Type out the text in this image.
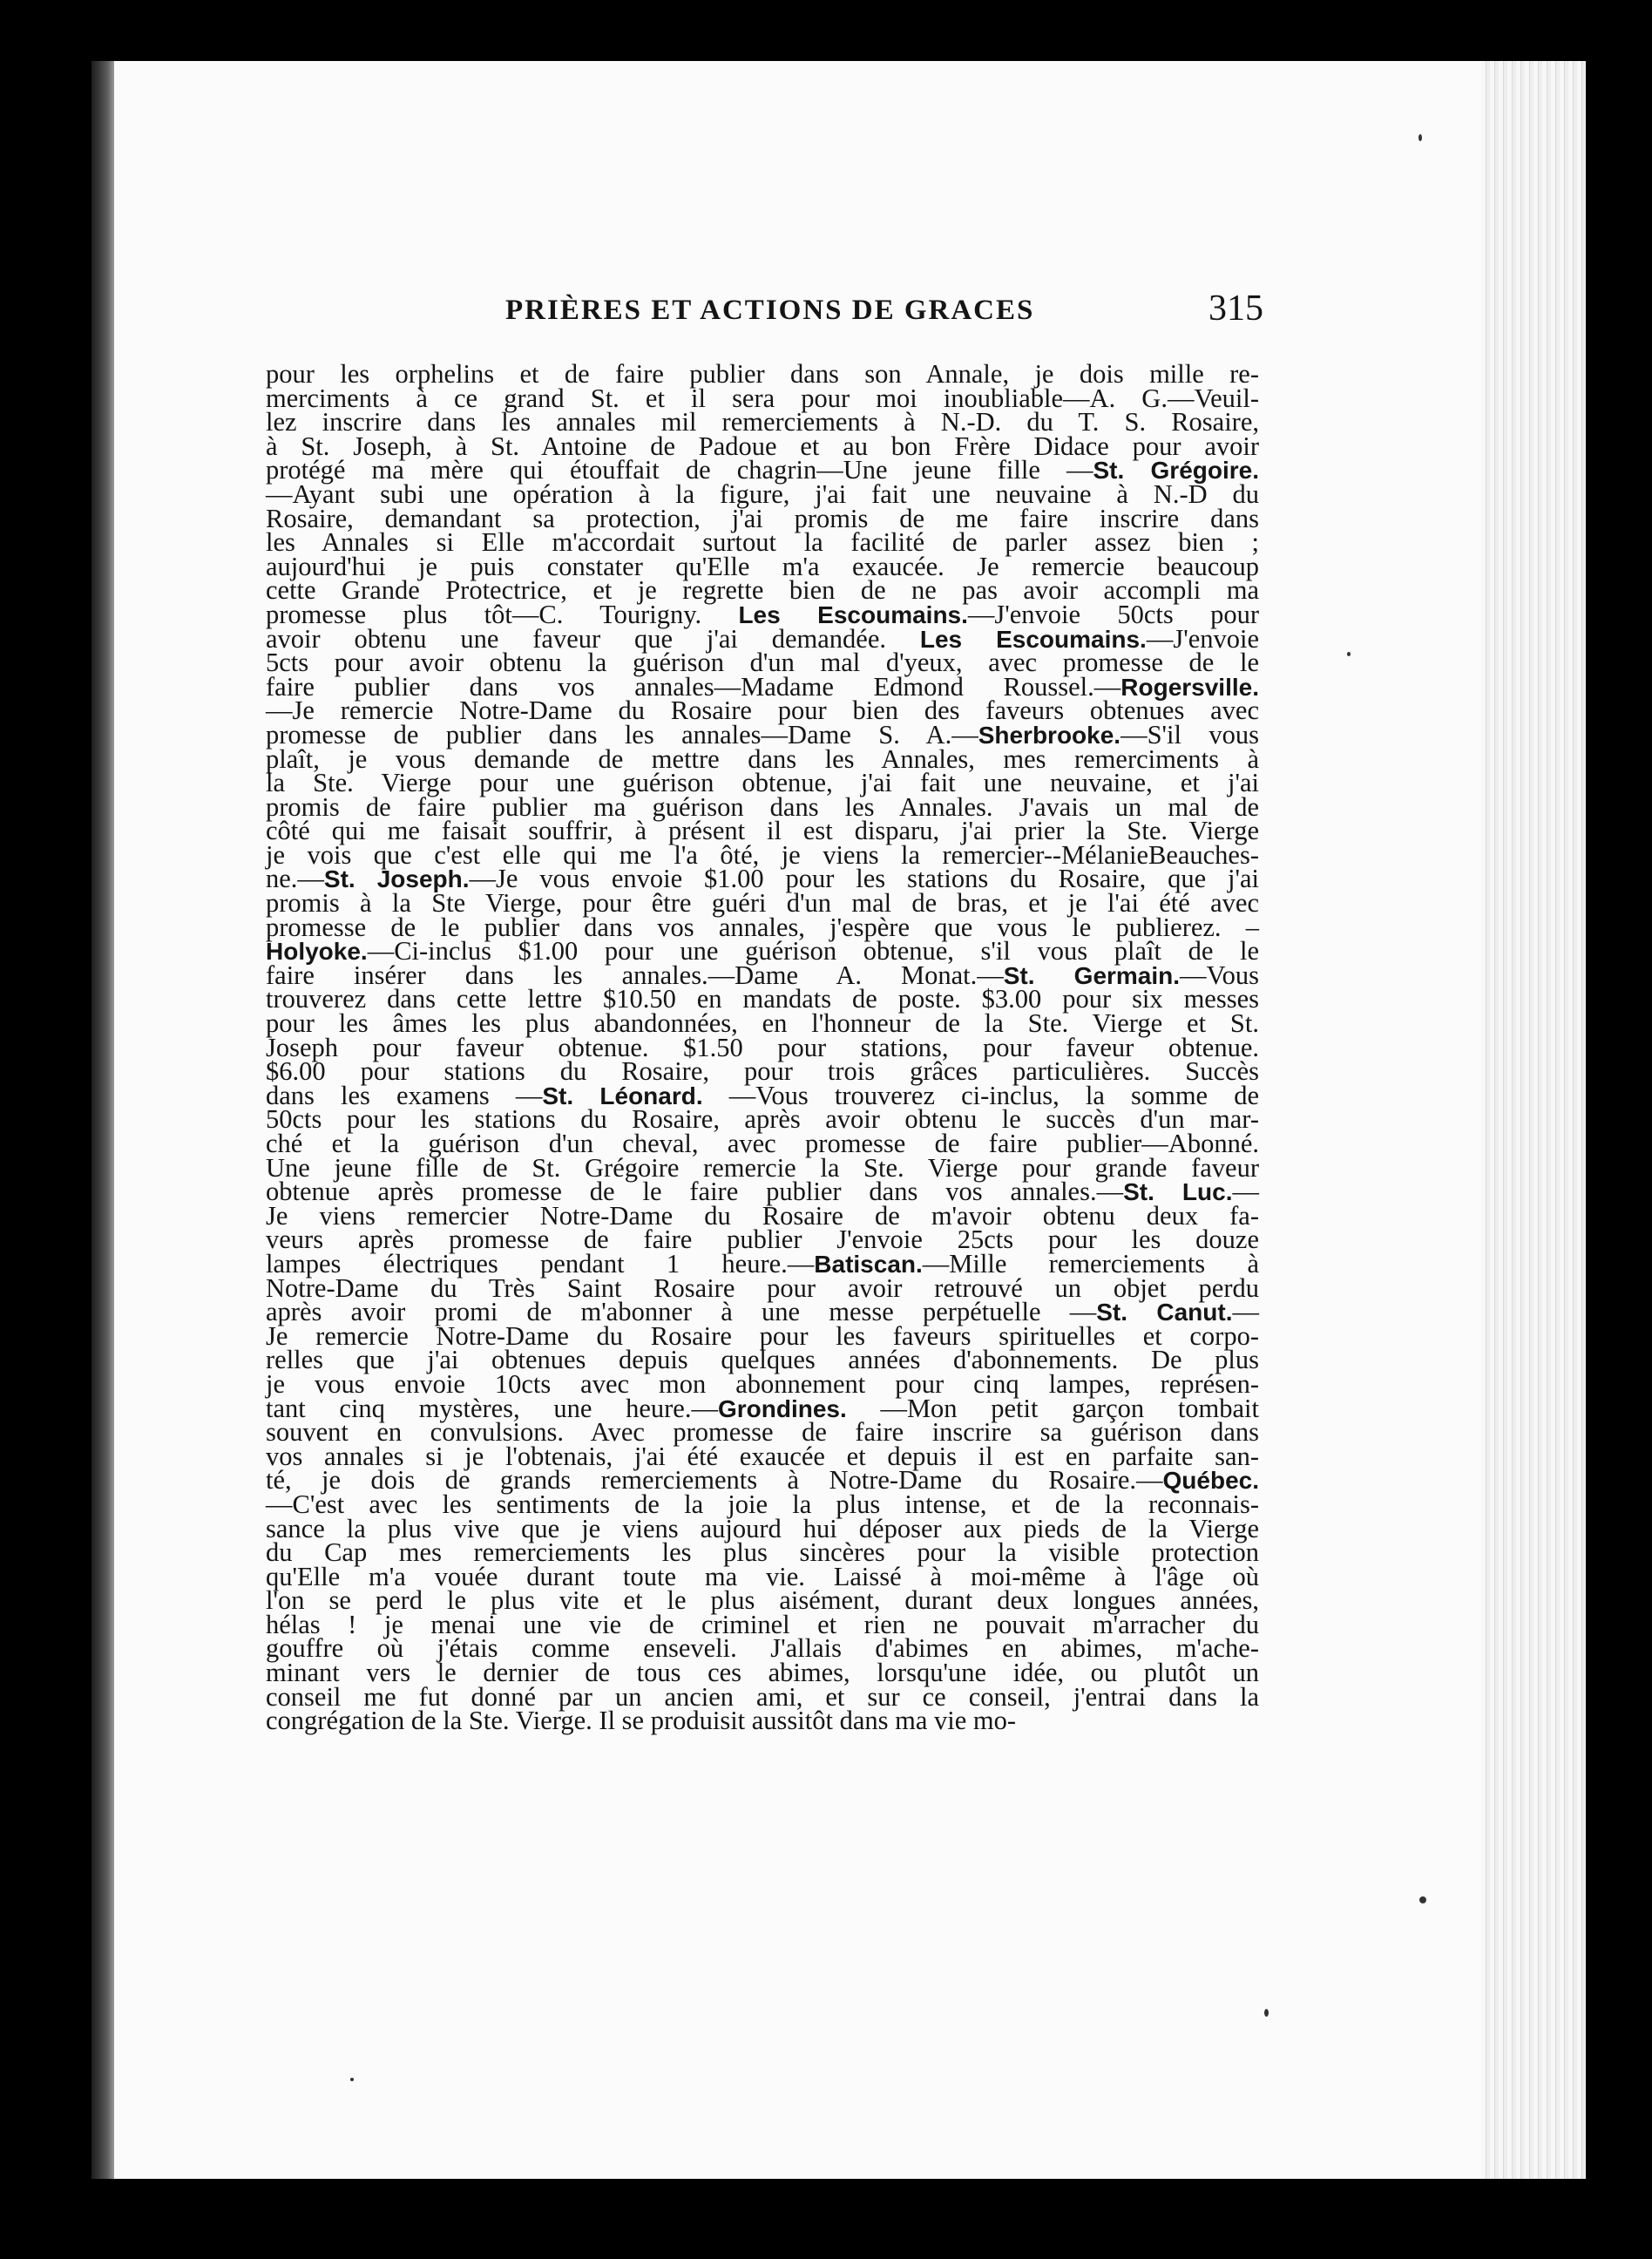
PRIÈRES ET ACTIONS DE GRACES	315
pour les orphelins et de faire publier dans son Annale, je dois mille re-
merciments à ce grand St. et il sera pour moi inoubliable—A. G.—Veuil-
lez inscrire dans les annales mil remerciements à N.-D. du T. S. Rosaire,
à St. Joseph, à St. Antoine de Padoue et au bon Frère Didace pour avoir
protégé ma mère qui étouffait de chagrin—Une jeune fille —St. Grégoire.
—Ayant subi une opération à la figure, j'ai fait une neuvaine à N.-D du
Rosaire, demandant sa protection, j'ai promis de me faire inscrire dans
les Annales si Elle m'accordait surtout la facilité de parler assez bien ;
aujourd'hui je puis constater qu'Elle m'a exaucée. Je remercie beaucoup
cette Grande Protectrice, et je regrette bien de ne pas avoir accompli ma
promesse plus tôt—C. Tourigny. Les Escoumains.—J'envoie 50cts pour
avoir obtenu une faveur que j'ai demandée. Les Escoumains.—J'envoie
5cts pour avoir obtenu la guérison d'un mal d'yeux, avec promesse de le
faire publier dans vos annales—Madame Edmond Roussel.—Rogersville.
—Je remercie Notre-Dame du Rosaire pour bien des faveurs obtenues avec
promesse de publier dans les annales—Dame S. A.—Sherbrooke.—S'il vous
plaît, je vous demande de mettre dans les Annales, mes remerciments à
la Ste. Vierge pour une guérison obtenue, j'ai fait une neuvaine, et j'ai
promis de faire publier ma guérison dans les Annales. J'avais un mal de
côté qui me faisait souffrir, à présent il est disparu, j'ai prier la Ste. Vierge
je vois que c'est elle qui me l'a ôté, je viens la remercier--MélanieBeauches-
ne.—St. Joseph.—Je vous envoie $1.00 pour les stations du Rosaire, que j'ai
promis à la Ste Vierge, pour être guéri d'un mal de bras, et je l'ai été avec
promesse de le publier dans vos annales, j'espère que vous le publierez. –
Holyoke.—Ci-inclus $1.00 pour une guérison obtenue, s'il vous plaît de le
faire insérer dans les annales.—Dame A. Monat.—St. Germain.—Vous
trouverez dans cette lettre $10.50 en mandats de poste. $3.00 pour six messes
pour les âmes les plus abandonnées, en l'honneur de la Ste. Vierge et St.
Joseph pour faveur obtenue. $1.50 pour stations, pour faveur obtenue.
$6.00 pour stations du Rosaire, pour trois grâces particulières. Succès
dans les examens —St. Léonard. —Vous trouverez ci-inclus, la somme de
50cts pour les stations du Rosaire, après avoir obtenu le succès d'un mar-
ché et la guérison d'un cheval, avec promesse de faire publier—Abonné.
Une jeune fille de St. Grégoire remercie la Ste. Vierge pour grande faveur
obtenue après promesse de le faire publier dans vos annales.—St. Luc.—
Je viens remercier Notre-Dame du Rosaire de m'avoir obtenu deux fa-
veurs après promesse de faire publier J'envoie 25cts pour les douze
lampes électriques pendant 1 heure.—Batiscan.—Mille remerciements à
Notre-Dame du Très Saint Rosaire pour avoir retrouvé un objet perdu
après avoir promi de m'abonner à une messe perpétuelle —St. Canut.—
Je remercie Notre-Dame du Rosaire pour les faveurs spirituelles et corpo-
relles que j'ai obtenues depuis quelques années d'abonnements. De plus
je vous envoie 10cts avec mon abonnement pour cinq lampes, représen-
tant cinq mystères, une heure.—Grondines. —Mon petit garçon tombait
souvent en convulsions. Avec promesse de faire inscrire sa guérison dans
vos annales si je l'obtenais, j'ai été exaucée et depuis il est en parfaite san-
té, je dois de grands remerciements à Notre-Dame du Rosaire.—Québec.
—C'est avec les sentiments de la joie la plus intense, et de la reconnais-
sance la plus vive que je viens aujourd hui déposer aux pieds de la Vierge
du Cap mes remerciements les plus sincères pour la visible protection
qu'Elle m'a vouée durant toute ma vie. Laissé à moi-même à l'âge où
l'on se perd le plus vite et le plus aisément, durant deux longues années,
hélas ! je menai une vie de criminel et rien ne pouvait m'arracher du
gouffre où j'étais comme enseveli. J'allais d'abimes en abimes, m'ache-
minant vers le dernier de tous ces abimes, lorsqu'une idée, ou plutôt un
conseil me fut donné par un ancien ami, et sur ce conseil, j'entrai dans la
congrégation de la Ste. Vierge. Il se produisit aussitôt dans ma vie mo-
